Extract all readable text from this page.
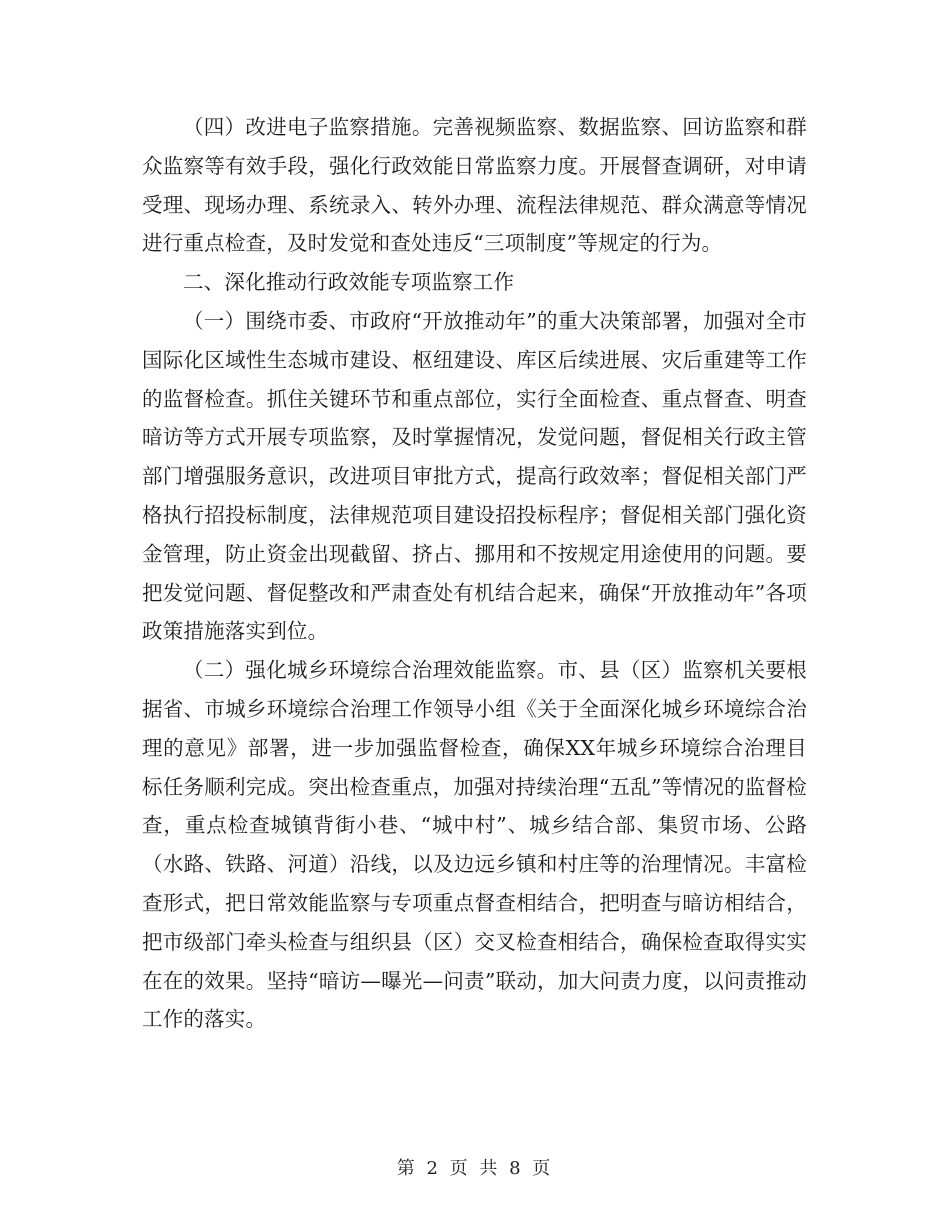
（四）改进电子监察措施。完善视频监察、数据监察、回访监察和群众监察等有效手段，强化行政效能日常监察力度。开展督查调研，对申请受理、现场办理、系统录入、转外办理、流程法律规范、群众满意等情况进行重点检查，及时发觉和查处违反“三项制度”等规定的行为。

二、深化推动行政效能专项监察工作

（一）围绕市委、市政府“开放推动年”的重大决策部署，加强对全市国际化区域性生态城市建设、枢纽建设、库区后续进展、灾后重建等工作的监督检查。抓住关键环节和重点部位，实行全面检查、重点督查、明查暗访等方式开展专项监察，及时掌握情况，发觉问题，督促相关行政主管部门增强服务意识，改进项目审批方式，提高行政效率；督促相关部门严格执行招投标制度，法律规范项目建设招投标程序；督促相关部门强化资金管理，防止资金出现截留、挤占、挪用和不按规定用途使用的问题。要把发觉问题、督促整改和严肃查处有机结合起来，确保“开放推动年”各项政策措施落实到位。

（二）强化城乡环境综合治理效能监察。市、县（区）监察机关要根据省、市城乡环境综合治理工作领导小组《关于全面深化城乡环境综合治理的意见》部署，进一步加强监督检查，确保XX年城乡环境综合治理目标任务顺利完成。突出检查重点，加强对持续治理“五乱”等情况的监督检查，重点检查城镇背街小巷、“城中村”、城乡结合部、集贸市场、公路（水路、铁路、河道）沿线，以及边远乡镇和村庄等的治理情况。丰富检查形式，把日常效能监察与专项重点督查相结合，把明查与暗访相结合，把市级部门牵头检查与组织县（区）交叉检查相结合，确保检查取得实实在在的效果。坚持“暗访—曝光—问责”联动，加大问责力度，以问责推动工作的落实。

第 2 页 共 8 页
